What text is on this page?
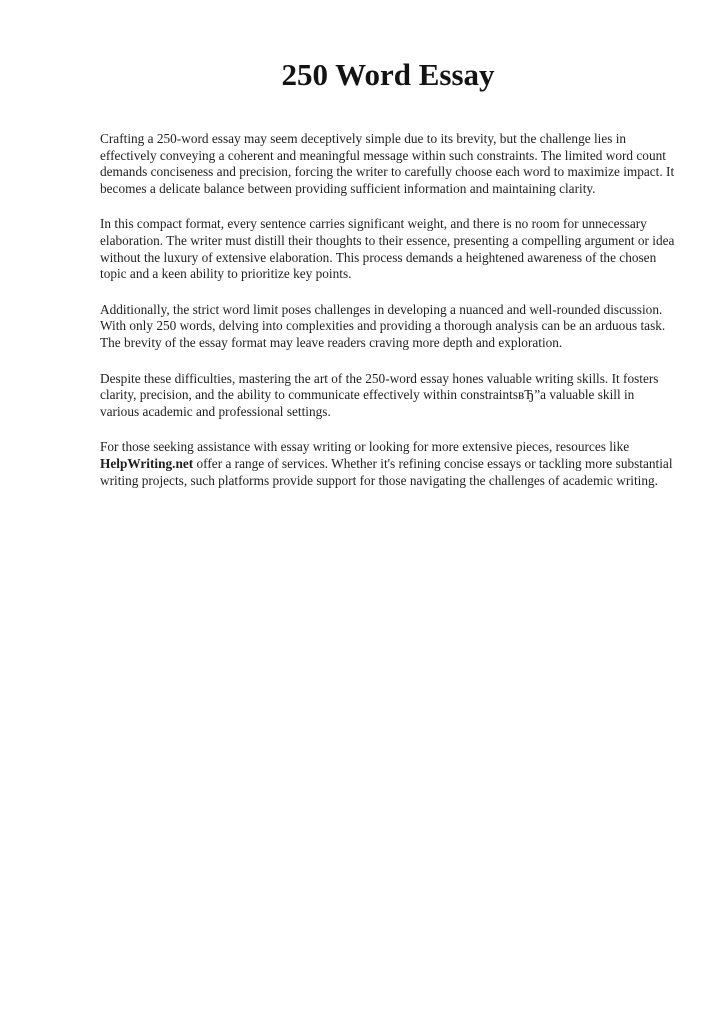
250 Word Essay

Crafting a 250-word essay may seem deceptively simple due to its brevity, but the challenge lies in effectively conveying a coherent and meaningful message within such constraints. The limited word count demands conciseness and precision, forcing the writer to carefully choose each word to maximize impact. It becomes a delicate balance between providing sufficient information and maintaining clarity.

In this compact format, every sentence carries significant weight, and there is no room for unnecessary elaboration. The writer must distill their thoughts to their essence, presenting a compelling argument or idea without the luxury of extensive elaboration. This process demands a heightened awareness of the chosen topic and a keen ability to prioritize key points.

Additionally, the strict word limit poses challenges in developing a nuanced and well-rounded discussion. With only 250 words, delving into complexities and providing a thorough analysis can be an arduous task. The brevity of the essay format may leave readers craving more depth and exploration.

Despite these difficulties, mastering the art of the 250-word essay hones valuable writing skills. It fosters clarity, precision, and the ability to communicate effectively within constraintsвЂ”a valuable skill in various academic and professional settings.

For those seeking assistance with essay writing or looking for more extensive pieces, resources like HelpWriting.net offer a range of services. Whether it's refining concise essays or tackling more substantial writing projects, such platforms provide support for those navigating the challenges of academic writing.
